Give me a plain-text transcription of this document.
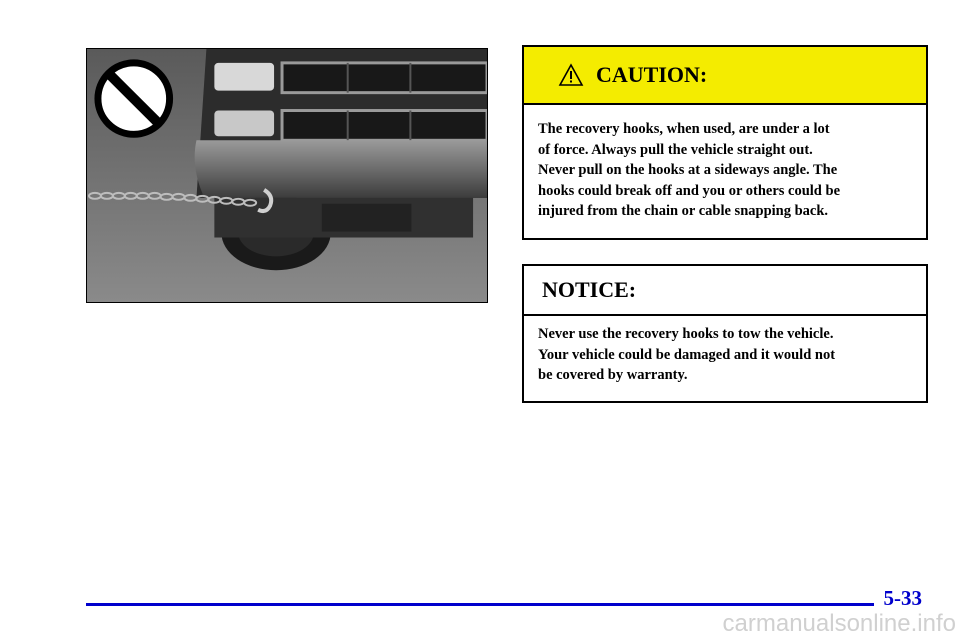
CAUTION:
The recovery hooks, when used, are under a lot
of force. Always pull the vehicle straight out.
Never pull on the hooks at a sideways angle. The
hooks could break off and you or others could be
injured from the chain or cable snapping back.
NOTICE:
Never use the recovery hooks to tow the vehicle.
Your vehicle could be damaged and it would not
be covered by warranty.
5-33
carmanualsonline.info
